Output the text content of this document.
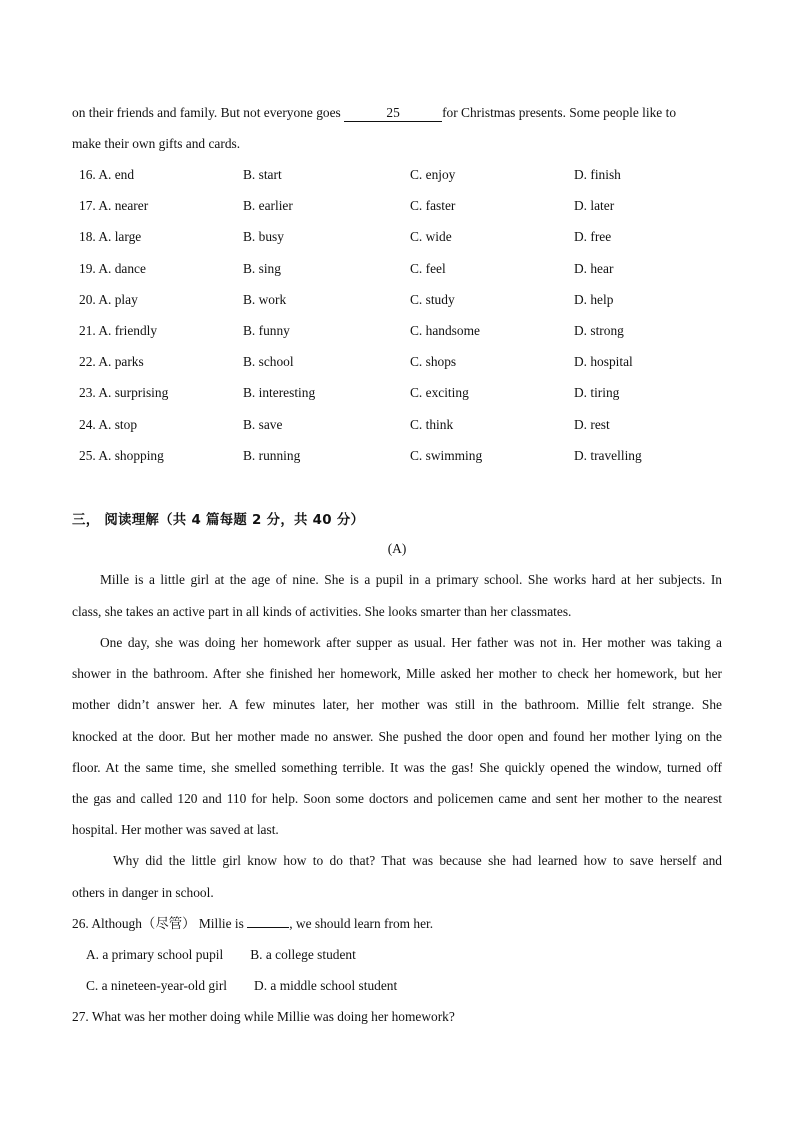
on their friends and family. But not everyone goes	25	for Christmas presents. Some people like to
make their own gifts and cards.
16. A. end	B. start	C. enjoy	D. finish
17. A. nearer	B. earlier	C. faster	D. later
18. A. large	B. busy	C. wide	D. free
19. A. dance	B. sing	C. feel	D. hear
20. A. play	B. work	C. study	D. help
21. A. friendly	B. funny	C. handsome	D. strong
22. A. parks	B. school	C. shops	D. hospital
23. A. surprising	B. interesting	C. exciting	D. tiring
24. A. stop	B. save	C. think	D. rest
25. A. shopping	B. running	C. swimming	D. travelling
三， 阅读理解（共 4 篇每题 2 分，共 40 分）
(A)
Mille is a little girl at the age of nine. She is a pupil in a primary school. She works hard at her subjects. In
class, she takes an active part in all kinds of activities. She looks smarter than her classmates.
One day, she was doing her homework after supper as usual. Her father was not in. Her mother was taking a
shower in the bathroom. After she finished her homework, Mille asked her mother to check her homework, but her
mother didn’t answer her. A few minutes later, her mother was still in the bathroom. Millie felt strange. She
knocked at the door. But her mother made no answer. She pushed the door open and found her mother lying on the
floor. At the same time, she smelled something terrible. It was the gas! She quickly opened the window, turned off
the gas and called 120 and 110 for help. Soon some doctors and policemen came and sent her mother to the nearest
hospital. Her mother was saved at last.
Why did the little girl know how to do that? That was because she had learned how to save herself and
others in danger in school.
26. Although（尽管） Millie is	, we should learn from her.
A. a primary school pupil B. a college student
C. a nineteen-year-old girl D. a middle school student
27. What was her mother doing while Millie was doing her homework?
